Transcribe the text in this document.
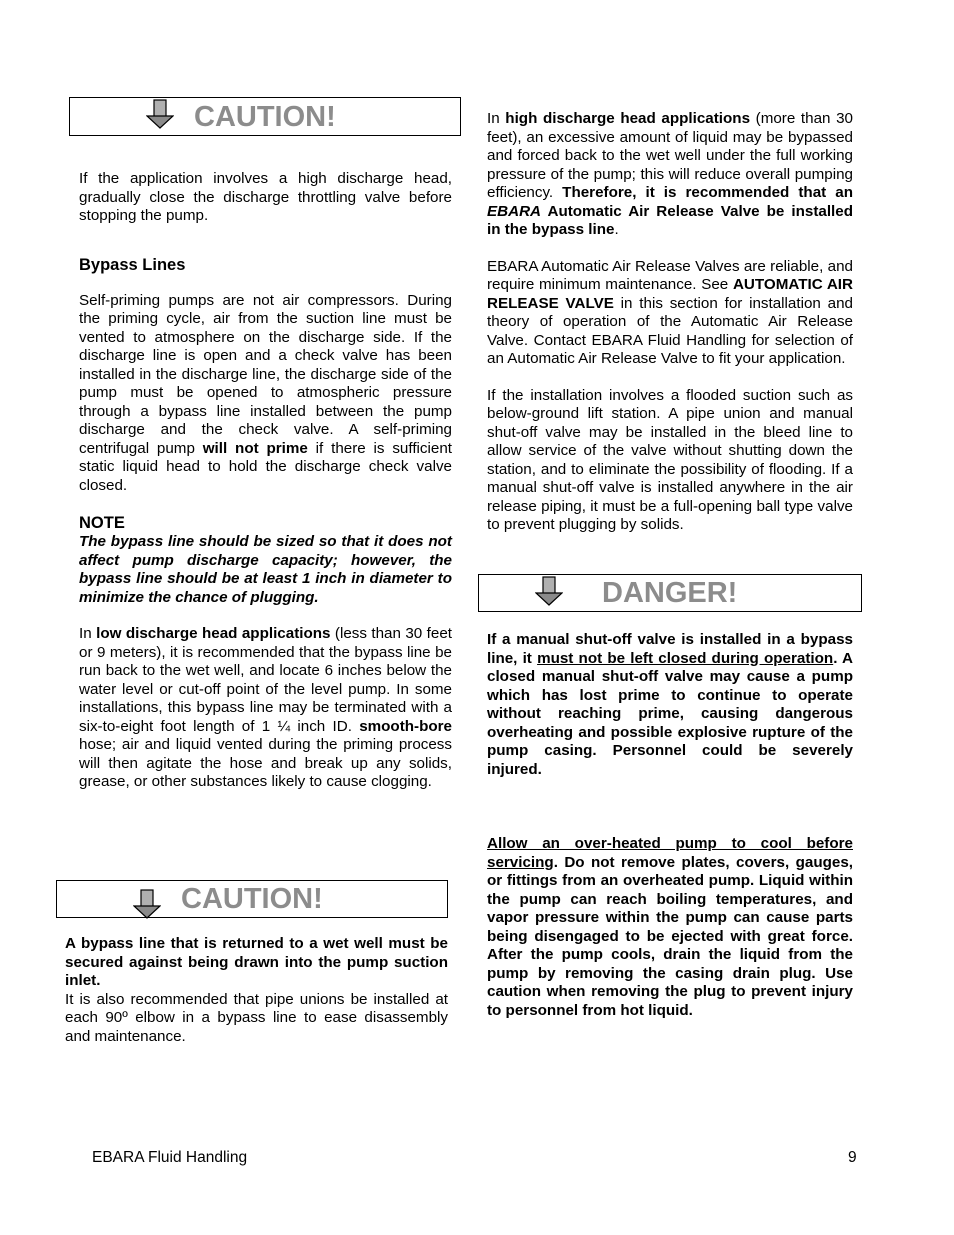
CAUTION!

If the application involves a high discharge head, gradually close the discharge throttling valve before stopping the pump.

Bypass Lines

Self-priming pumps are not air compressors. During the priming cycle, air from the suction line must be vented to atmosphere on the discharge side. If the discharge line is open and a check valve has been installed in the discharge line, the discharge side of the pump must be opened to atmospheric pressure through a bypass line installed between the pump discharge and the check valve. A self-priming centrifugal pump will not prime if there is sufficient static liquid head to hold the discharge check valve closed.

NOTE

The bypass line should be sized so that it does not affect pump discharge capacity; however, the bypass line should be at least 1 inch in diameter to minimize the chance of plugging.

In low discharge head applications (less than 30 feet or 9 meters), it is recommended that the bypass line be run back to the wet well, and locate 6 inches below the water level or cut-off point of the level pump. In some installations, this bypass line may be terminated with a six-to-eight foot length of 1 ¼ inch ID. smooth-bore hose; air and liquid vented during the priming process will then agitate the hose and break up any solids, grease, or other substances likely to cause clogging.

CAUTION!

A bypass line that is returned to a wet well must be secured against being drawn into the pump suction inlet.

It is also recommended that pipe unions be installed at each 90º elbow in a bypass line to ease disassembly and maintenance.

In high discharge head applications (more than 30 feet), an excessive amount of liquid may be bypassed and forced back to the wet well under the full working pressure of the pump; this will reduce overall pumping efficiency. Therefore, it is recommended that an EBARA Automatic Air Release Valve be installed in the bypass line.

EBARA Automatic Air Release Valves are reliable, and require minimum maintenance. See AUTOMATIC AIR RELEASE VALVE in this section for installation and theory of operation of the Automatic Air Release Valve. Contact EBARA Fluid Handling for selection of an Automatic Air Release Valve to fit your application.

If the installation involves a flooded suction such as below-ground lift station. A pipe union and manual shut-off valve may be installed in the bleed line to allow service of the valve without shutting down the station, and to eliminate the possibility of flooding. If a manual shut-off valve is installed anywhere in the air release piping, it must be a full-opening ball type valve to prevent plugging by solids.

DANGER!

If a manual shut-off valve is installed in a bypass line, it must not be left closed during operation. A closed manual shut-off valve may cause a pump which has lost prime to continue to operate without reaching prime, causing dangerous overheating and possible explosive rupture of the pump casing. Personnel could be severely injured.

Allow an over-heated pump to cool before servicing. Do not remove plates, covers, gauges, or fittings from an overheated pump. Liquid within the pump can reach boiling temperatures, and vapor pressure within the pump can cause parts being disengaged to be ejected with great force. After the pump cools, drain the liquid from the pump by removing the casing drain plug. Use caution when removing the plug to prevent injury to personnel from hot liquid.

EBARA Fluid Handling	9
